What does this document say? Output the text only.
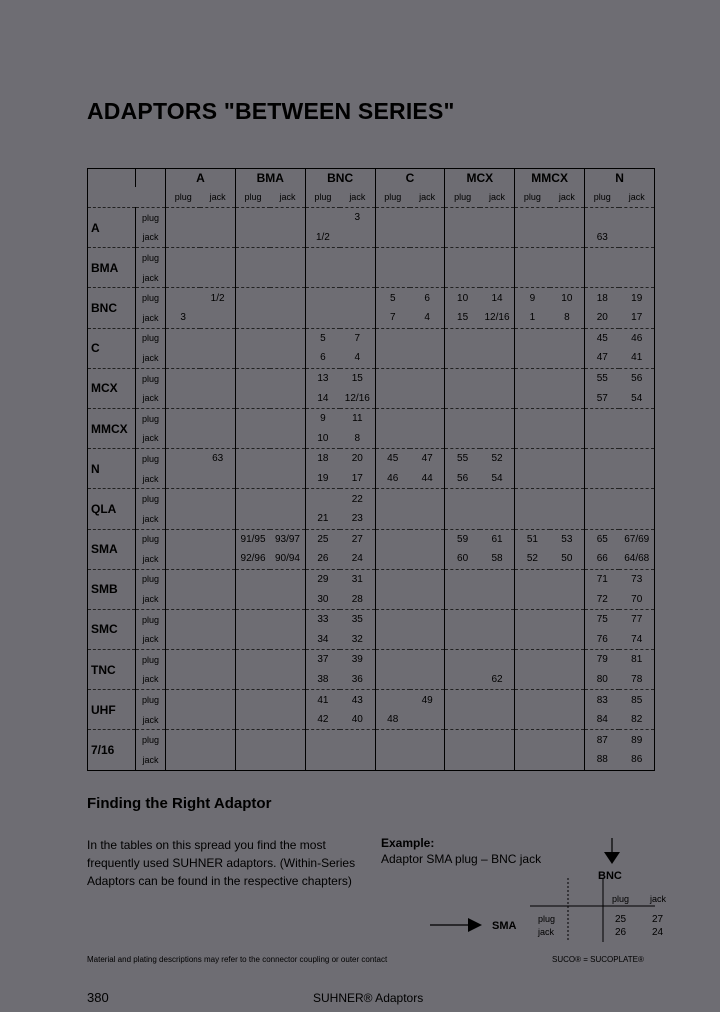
ADAPTORS "BETWEEN SERIES"
		A		BMA		BNC		C		MCX		MMCX		N	
		plug	jack	plug	jack	plug	jack	plug	jack	plug	jack	plug	jack	plug	jack
A	plug						3								
	jack					1/2								63	
BMA	plug														
	jack														
BNC	plug		1/2					5	6	10	14	9	10	18	19
	jack	3						7	4	15	12/16	1	8	20	17
C	plug					5	7							45	46
	jack					6	4							47	41
MCX	plug					13	15							55	56
	jack					14	12/16							57	54
MMCX	plug					9	11								
	jack					10	8								
N	plug		63			18	20	45	47	55	52				
	jack					19	17	46	44	56	54				
QLA	plug						22								
	jack					21	23								
SMA	plug			91/95	93/97	25	27			59	61	51	53	65	67/69
	jack			92/96	90/94	26	24			60	58	52	50	66	64/68
SMB	plug					29	31							71	73
	jack					30	28							72	70
SMC	plug					33	35							75	77
	jack					34	32							76	74
TNC	plug					37	39							79	81
	jack					38	36				62			80	78
UHF	plug					41	43		49					83	85
	jack					42	40	48						84	82
7/16	plug													87	89
	jack													88	86
Finding the Right Adaptor
In the tables on this spread you find the most frequently used SUHNER adaptors. (Within-Series Adaptors can be found in the respective chapters)
Example:
Adaptor SMA plug – BNC jack
BNC
plug jack
SMA
plug
jack
25	27
26	24
Material and plating descriptions may refer to the connector coupling or outer contact	SUCO® = SUCOPLATE®
380	SUHNER® Adaptors
